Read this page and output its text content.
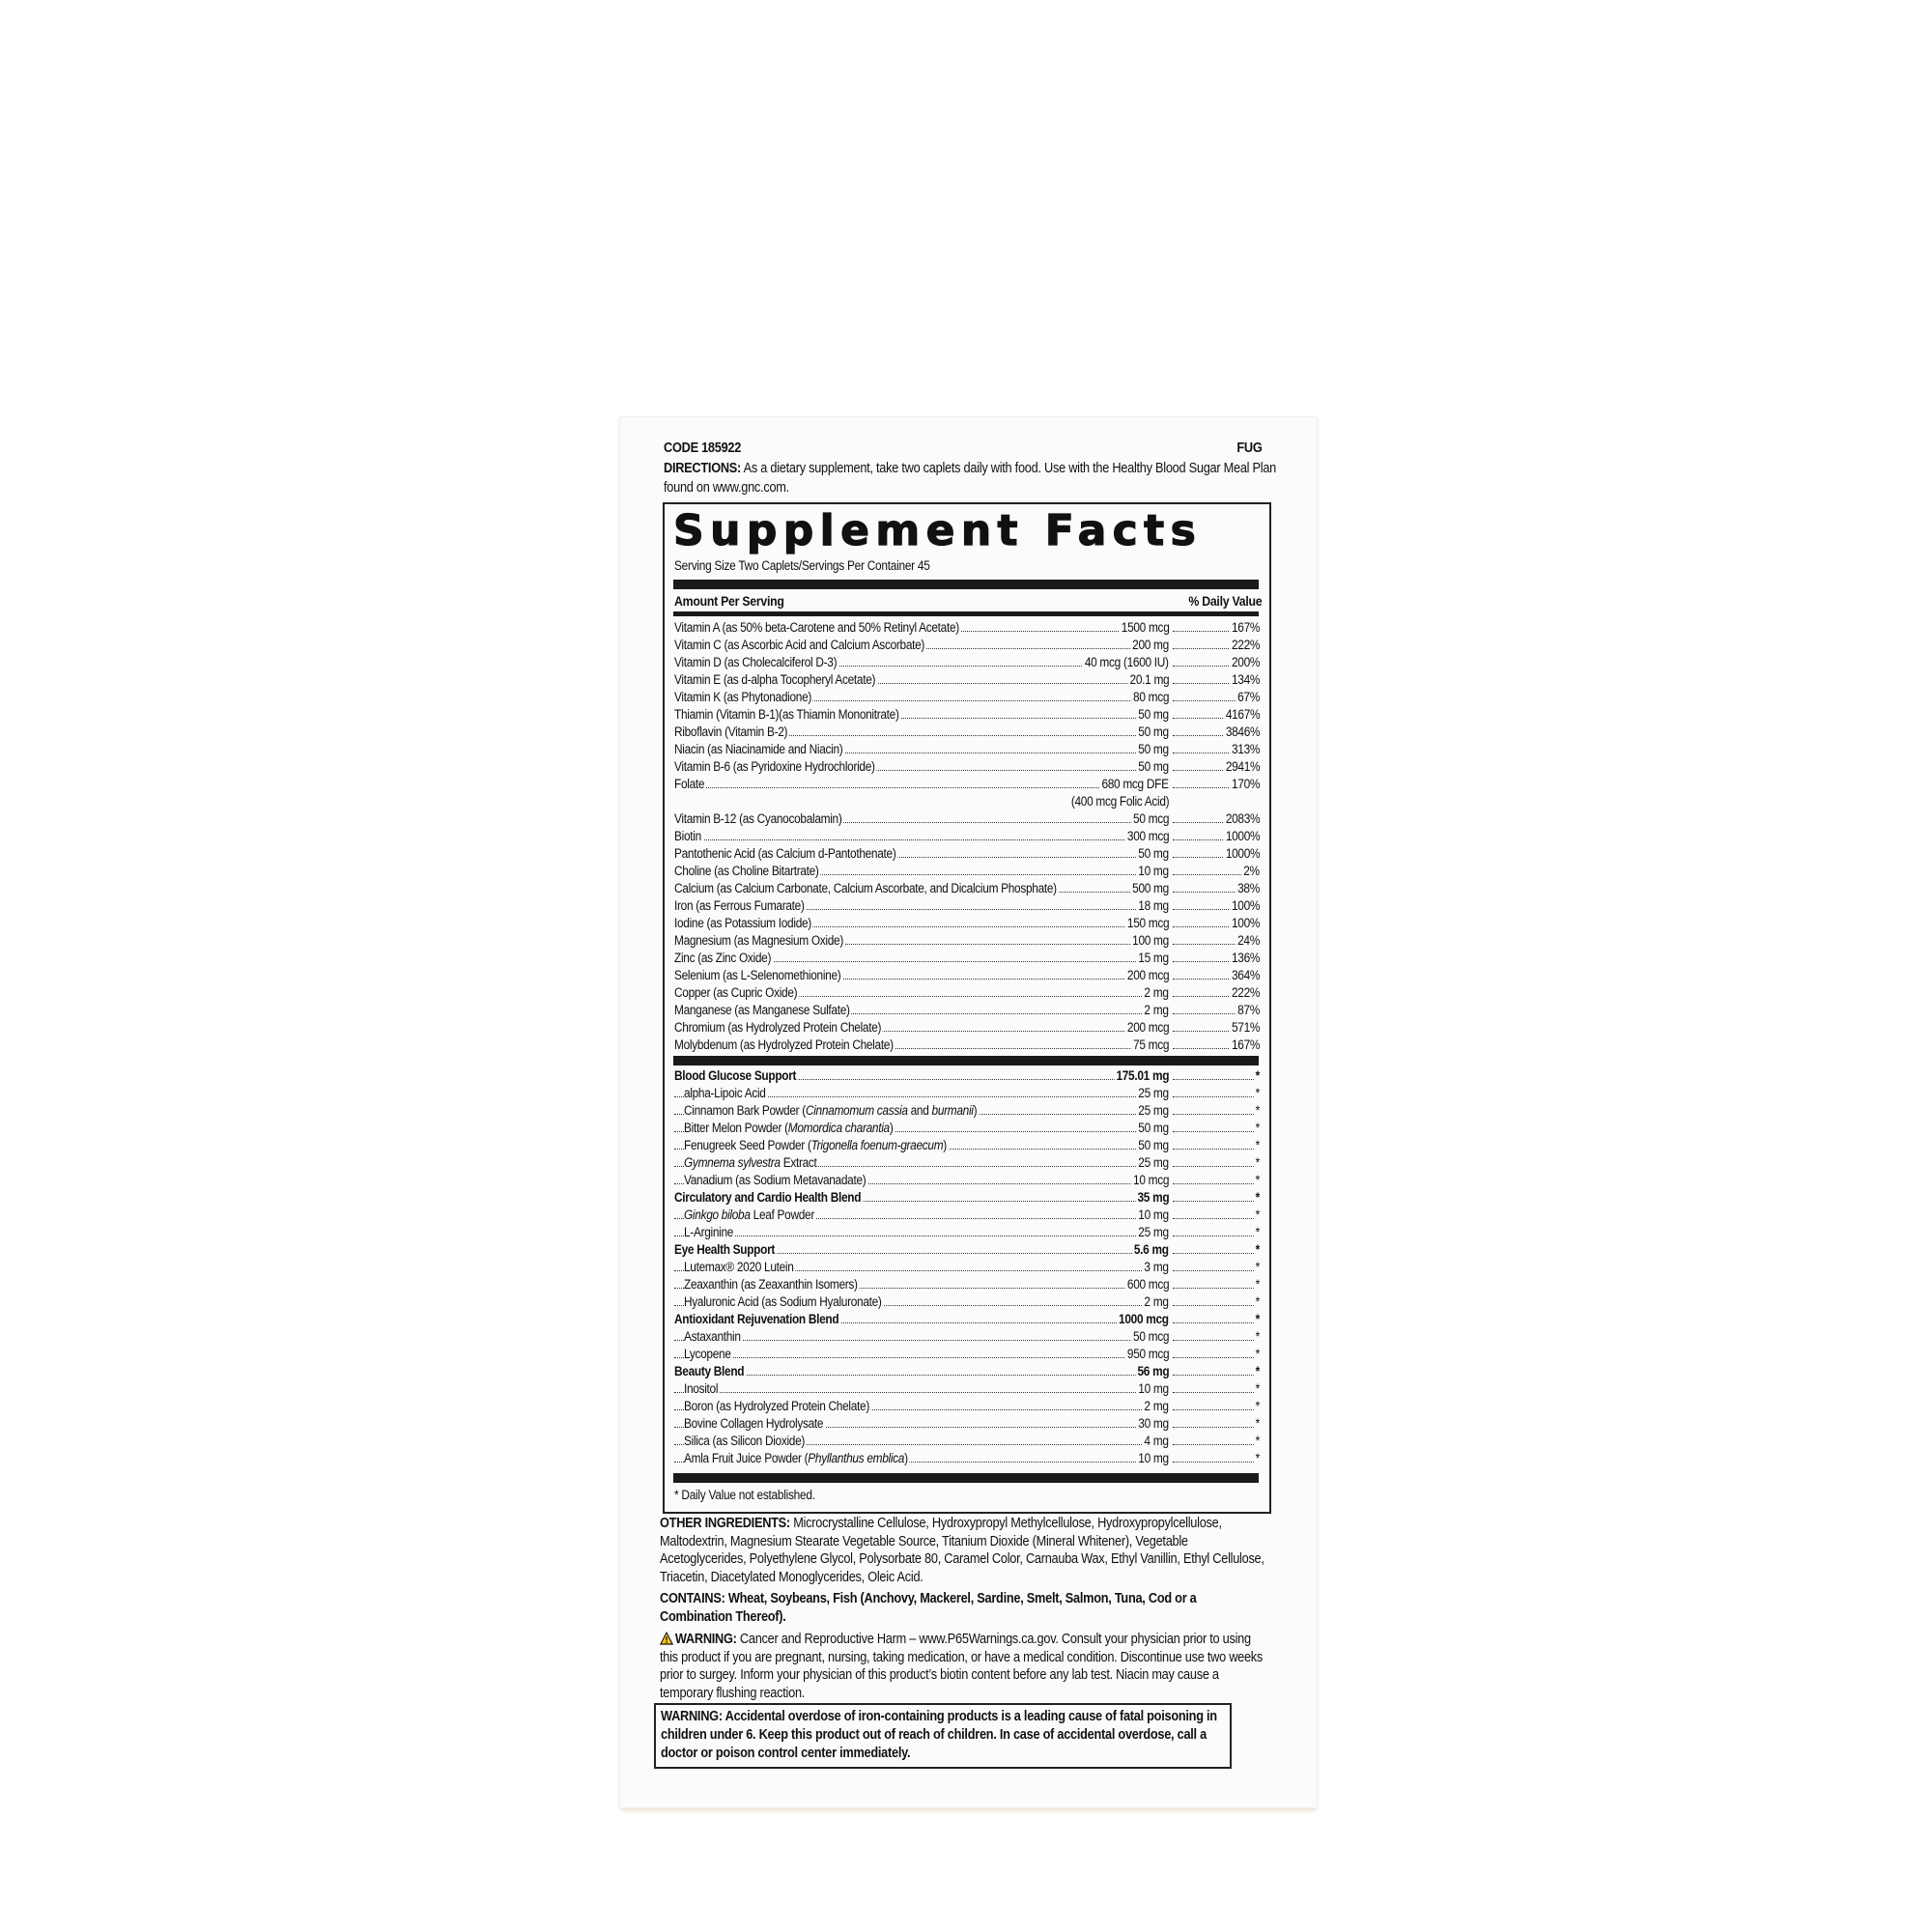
CODE 185922	FUG
DIRECTIONS: As a dietary supplement, take two caplets daily with food. Use with the Healthy Blood Sugar Meal Plan found on www.gnc.com.
Supplement Facts
Serving Size Two Caplets/Servings Per Container 45
Amount Per Serving	% Daily Value
Vitamin A (as 50% beta-Carotene and 50% Retinyl Acetate)	1500 mcg	167%
Vitamin C (as Ascorbic Acid and Calcium Ascorbate)	200 mg	222%
Vitamin D (as Cholecalciferol D-3)	40 mcg (1600 IU)	200%
Vitamin E (as d-alpha Tocopheryl Acetate)	20.1 mg	134%
Vitamin K (as Phytonadione)	80 mcg	67%
Thiamin (Vitamin B-1)(as Thiamin Mononitrate)	50 mg	4167%
Riboflavin (Vitamin B-2)	50 mg	3846%
Niacin (as Niacinamide and Niacin)	50 mg	313%
Vitamin B-6 (as Pyridoxine Hydrochloride)	50 mg	2941%
Folate	680 mcg DFE	170%
(400 mcg Folic Acid)
Vitamin B-12 (as Cyanocobalamin)	50 mcg	2083%
Biotin	300 mcg	1000%
Pantothenic Acid (as Calcium d-Pantothenate)	50 mg	1000%
Choline (as Choline Bitartrate)	10 mg	2%
Calcium (as Calcium Carbonate, Calcium Ascorbate, and Dicalcium Phosphate)	500 mg	38%
Iron (as Ferrous Fumarate)	18 mg	100%
Iodine (as Potassium Iodide)	150 mcg	100%
Magnesium (as Magnesium Oxide)	100 mg	24%
Zinc (as Zinc Oxide)	15 mg	136%
Selenium (as L-Selenomethionine)	200 mcg	364%
Copper (as Cupric Oxide)	2 mg	222%
Manganese (as Manganese Sulfate)	2 mg	87%
Chromium (as Hydrolyzed Protein Chelate)	200 mcg	571%
Molybdenum (as Hydrolyzed Protein Chelate)	75 mcg	167%
Blood Glucose Support	175.01 mg	*
alpha-Lipoic Acid	25 mg	*
Cinnamon Bark Powder (Cinnamomum cassia and burmanii)	25 mg	*
Bitter Melon Powder (Momordica charantia)	50 mg	*
Fenugreek Seed Powder (Trigonella foenum-graecum)	50 mg	*
Gymnema sylvestra Extract	25 mg	*
Vanadium (as Sodium Metavanadate)	10 mcg	*
Circulatory and Cardio Health Blend	35 mg	*
Ginkgo biloba Leaf Powder	10 mg	*
L-Arginine	25 mg	*
Eye Health Support	5.6 mg	*
Lutemax® 2020 Lutein	3 mg	*
Zeaxanthin (as Zeaxanthin Isomers)	600 mcg	*
Hyaluronic Acid (as Sodium Hyaluronate)	2 mg	*
Antioxidant Rejuvenation Blend	1000 mcg	*
Astaxanthin	50 mcg	*
Lycopene	950 mcg	*
Beauty Blend	56 mg	*
Inositol	10 mg	*
Boron (as Hydrolyzed Protein Chelate)	2 mg	*
Bovine Collagen Hydrolysate	30 mg	*
Silica (as Silicon Dioxide)	4 mg	*
Amla Fruit Juice Powder (Phyllanthus emblica)	10 mg	*
* Daily Value not established.
OTHER INGREDIENTS: Microcrystalline Cellulose, Hydroxypropyl Methylcellulose, Hydroxypropylcellulose, Maltodextrin, Magnesium Stearate Vegetable Source, Titanium Dioxide (Mineral Whitener), Vegetable Acetoglycerides, Polyethylene Glycol, Polysorbate 80, Caramel Color, Carnauba Wax, Ethyl Vanillin, Ethyl Cellulose, Triacetin, Diacetylated Monoglycerides, Oleic Acid.
CONTAINS: Wheat, Soybeans, Fish (Anchovy, Mackerel, Sardine, Smelt, Salmon, Tuna, Cod or a Combination Thereof).
WARNING: Cancer and Reproductive Harm – www.P65Warnings.ca.gov. Consult your physician prior to using this product if you are pregnant, nursing, taking medication, or have a medical condition. Discontinue use two weeks prior to surgey. Inform your physician of this product’s biotin content before any lab test. Niacin may cause a temporary flushing reaction.
WARNING: Accidental overdose of iron-containing products is a leading cause of fatal poisoning in children under 6. Keep this product out of reach of children. In case of accidental overdose, call a doctor or poison control center immediately.
